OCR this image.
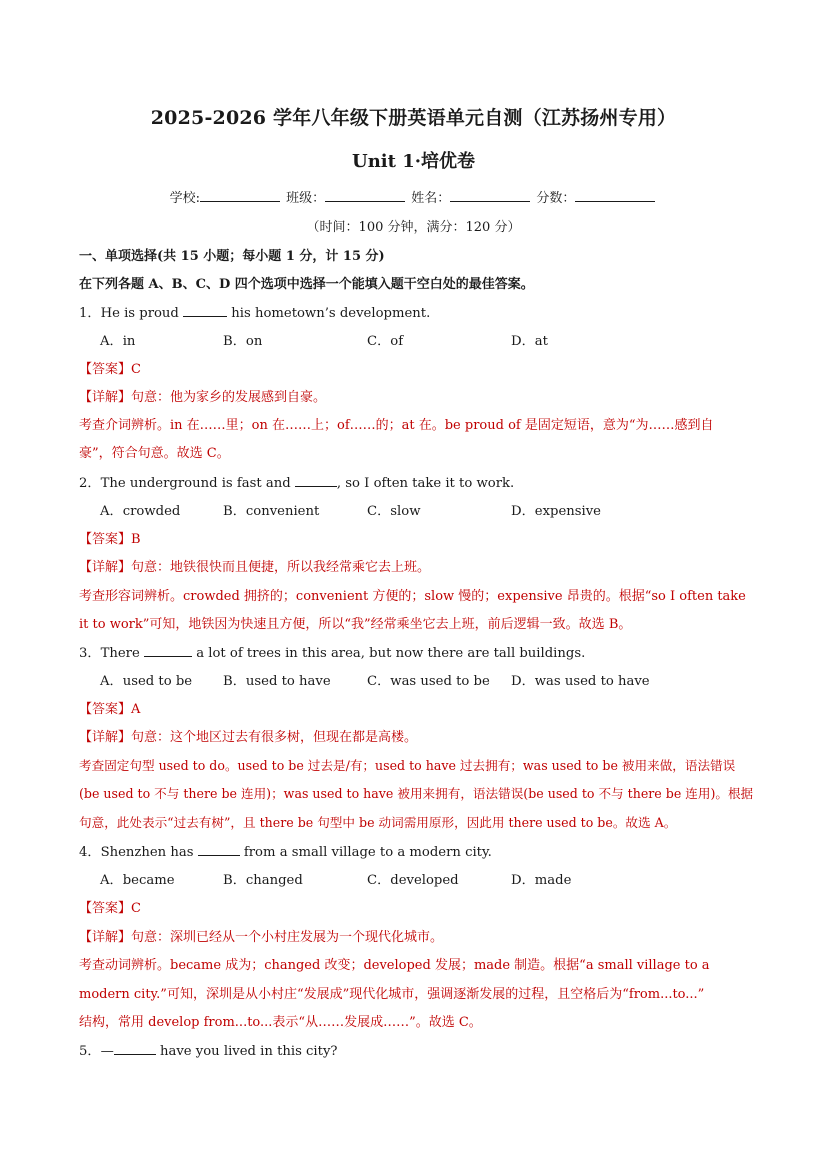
2025-2026 学年八年级下册英语单元自测（江苏扬州专用）
Unit 1·培优卷
学校:	班级：	姓名：	分数：
（时间：100 分钟，满分：120 分）
一、单项选择(共 15 小题；每小题 1 分，计 15 分)
在下列各题 A、B、C、D 四个选项中选择一个能填入题干空白处的最佳答案。
1．He is proud	his hometown’s development.
A．in	B．on	C．of	D．at
【答案】C
【详解】句意：他为家乡的发展感到自豪。
考查介词辨析。in 在……里；on 在……上；of……的；at 在。be proud of 是固定短语，意为“为……感到自
豪”，符合句意。故选 C。
2．The underground is fast and	, so I often take it to work.
A．crowded	B．convenient	C．slow	D．expensive
【答案】B
【详解】句意：地铁很快而且便捷，所以我经常乘它去上班。
考查形容词辨析。crowded 拥挤的；convenient 方便的；slow 慢的；expensive 昂贵的。根据“so I often take
it to work”可知，地铁因为快速且方便，所以“我”经常乘坐它去上班，前后逻辑一致。故选 B。
3．There	a lot of trees in this area, but now there are tall buildings.
A．used to be B．used to have	C．was used to be D．was used to have
【答案】A
【详解】句意：这个地区过去有很多树，但现在都是高楼。
考查固定句型 used to do。used to be 过去是/有；used to have 过去拥有；was used to be 被用来做，语法错误
(be used to 不与 there be 连用)；was used to have 被用来拥有，语法错误(be used to 不与 there be 连用)。根据
句意，此处表示“过去有树”，且 there be 句型中 be 动词需用原形，因此用 there used to be。故选 A。
4．Shenzhen has	from a small village to a modern city.
A．became	B．changed	C．developed	D．made
【答案】C
【详解】句意：深圳已经从一个小村庄发展为一个现代化城市。
考查动词辨析。became 成为；changed 改变；developed 发展；made 制造。根据“a small village to a
modern city.”可知，深圳是从小村庄“发展成”现代化城市，强调逐渐发展的过程，且空格后为“from...to...”
结构，常用 develop from...to...表示“从……发展成……”。故选 C。
5．—	have you lived in this city?
